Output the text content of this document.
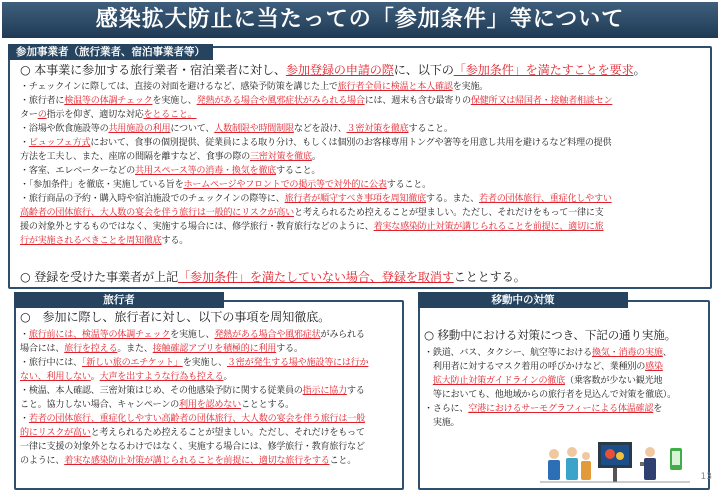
感染拡大防止に当たっての「参加条件」等について
参加事業者（旅行業者、宿泊事業者等）
○ 本事業に参加する旅行業者・宿泊業者に対し、参加登録の申請の際に、以下の「参加条件」を満たすことを要求。
・チェックインに際しては、直接の対面を避けるなど、感染予防策を講じた上で旅行者全員に検温と本人確認を実施。
・旅行者に検温等の体調チェックを実施し、発熱がある場合や風邪症状がみられる場合には、週末も含む最寄りの保健所又は帰国者・接触者相談セン
ターの指示を仰ぎ、適切な対応をとること。
・浴場や飲食施設等の共用施設の利用について、人数制限や時間制限などを設け、３密対策を徹底すること。
・ビュッフェ方式において、食事の個別提供、従業員による取り分け、もしくは個別のお客様専用トングや箸等を用意し共用を避けるなど料理の提供
方法を工夫し、また、座席の間隔を離すなど、食事の際の三密対策を徹底。
・客室、エレベーターなどの共用スペース等の消毒・換気を徹底すること。
・「参加条件」を徹底・実施している旨をホームページやフロントでの掲示等で対外的に公表すること。
・旅行商品の予約・購入時や宿泊施設でのチェックインの際等に、旅行者が順守すべき事項を周知徹底する。また、若者の団体旅行、重症化しやすい
高齢者の団体旅行、大人数の宴会を伴う旅行は一般的にリスクが高いと考えられるため控えることが望ましい。ただし、それだけをもって一律に支
援の対象外とするものではなく、実施する場合には、修学旅行・教育旅行などのように、着実な感染防止対策が講じられることを前提に、適切に旅
行が実施されるべきことを周知徹底する。
○ 登録を受けた事業者が上記「参加条件」を満たしていない場合、登録を取消すこととする。
旅行者
○　参加に際し、旅行者に対し、以下の事項を周知徹底。
・旅行前には、検温等の体調チェックを実施し、発熱がある場合や風邪症状がみられる
場合には、旅行を控える。また、接触確認アプリを積極的に利用する。
・旅行中には、「新しい旅のエチケット」を実施し、３密が発生する場や施設等には行か
ない、利用しない。大声を出すような行為も控える。
・検温、本人確認、三密対策はじめ、その他感染予防に関する従業員の指示に協力する
こと。協力しない場合、キャンペーンの利用を認めないこととする。
・若者の団体旅行、重症化しやすい高齢者の団体旅行、大人数の宴会を伴う旅行は一般
的にリスクが高いと考えられるため控えることが望ましい。ただし、それだけをもって
一律に支援の対象外となるわけではなく、実施する場合には、修学旅行・教育旅行など
のように、着実な感染防止対策が講じられることを前提に、適切な旅行をすること。
移動中の対策
○ 移動中における対策につき、下記の通り実施。
・鉄道、バス、タクシー、航空等における換気・消毒の実施、
　利用者に対するマスク着用の呼びかけなど、業種別の感染
　拡大防止対策ガイドラインの徹底（乗客数が少ない観光地
　等においても、他地域からの旅行者を見込んで対策を徹底）。
・さらに、空港におけるサーモグラフィーによる体温確認を
　実施。
13
